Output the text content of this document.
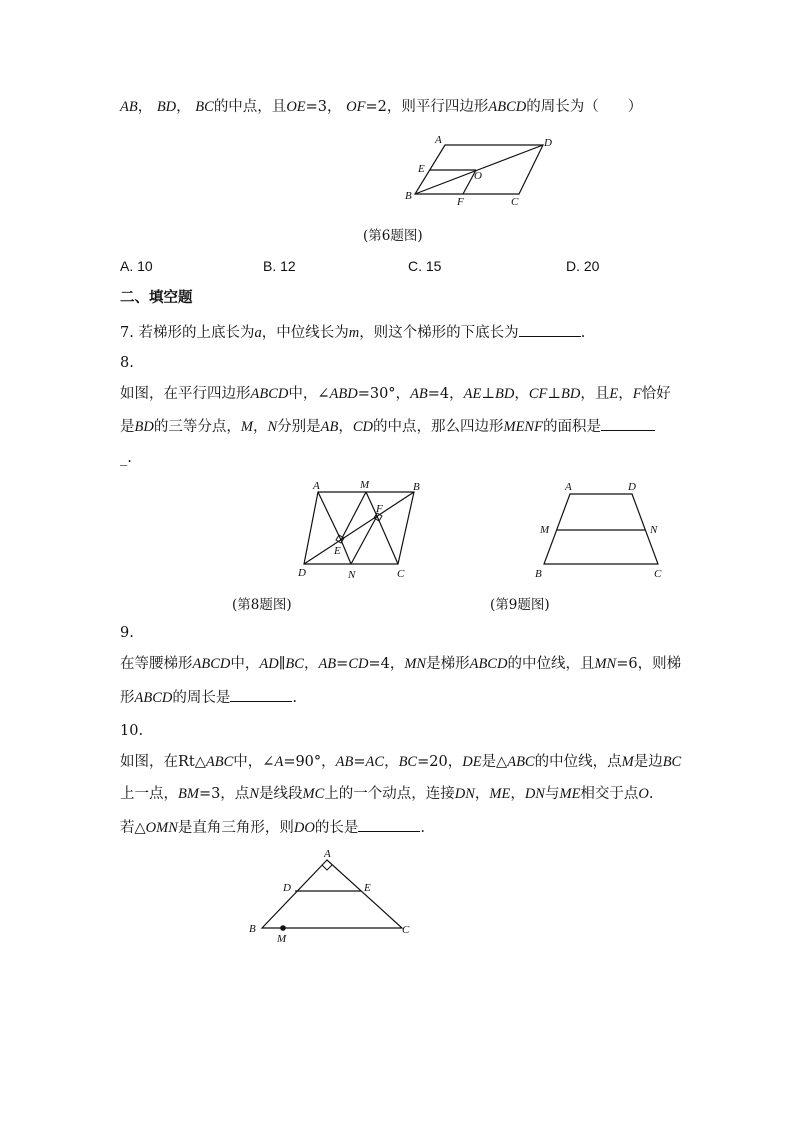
AB， BD， BC的中点，且OE=3， OF=2，则平行四边形ABCD的周长为（　　）
A	D
E
O
B	F	C
(第6题图)
A. 10	B. 12	C. 15	D. 20
二、填空题
7. 若梯形的上底长为a，中位线长为m，则这个梯形的下底长为	.
8.
如图，在平行四边形ABCD中，∠ABD=30°，AB=4，AE⊥BD，CF⊥BD，且E，F恰好
是BD的三等分点，M，N分别是AB，CD的中点，那么四边形MENF的面积是
_.
A	M	B
F
E
D	N	C
(第8题图)
A	D
M	N
B	C
(第9题图)
9.
在等腰梯形ABCD中，AD∥BC，AB=CD=4，MN是梯形ABCD的中位线，且MN=6，则梯
形ABCD的周长是	.
10.
如图，在Rt△ABC中，∠A=90°，AB=AC，BC=20，DE是△ABC的中位线，点M是边BC
上一点，BM=3，点N是线段MC上的一个动点，连接DN，ME，DN与ME相交于点O.
若△OMN是直角三角形，则DO的长是	.
A
D	E
B
M
C
